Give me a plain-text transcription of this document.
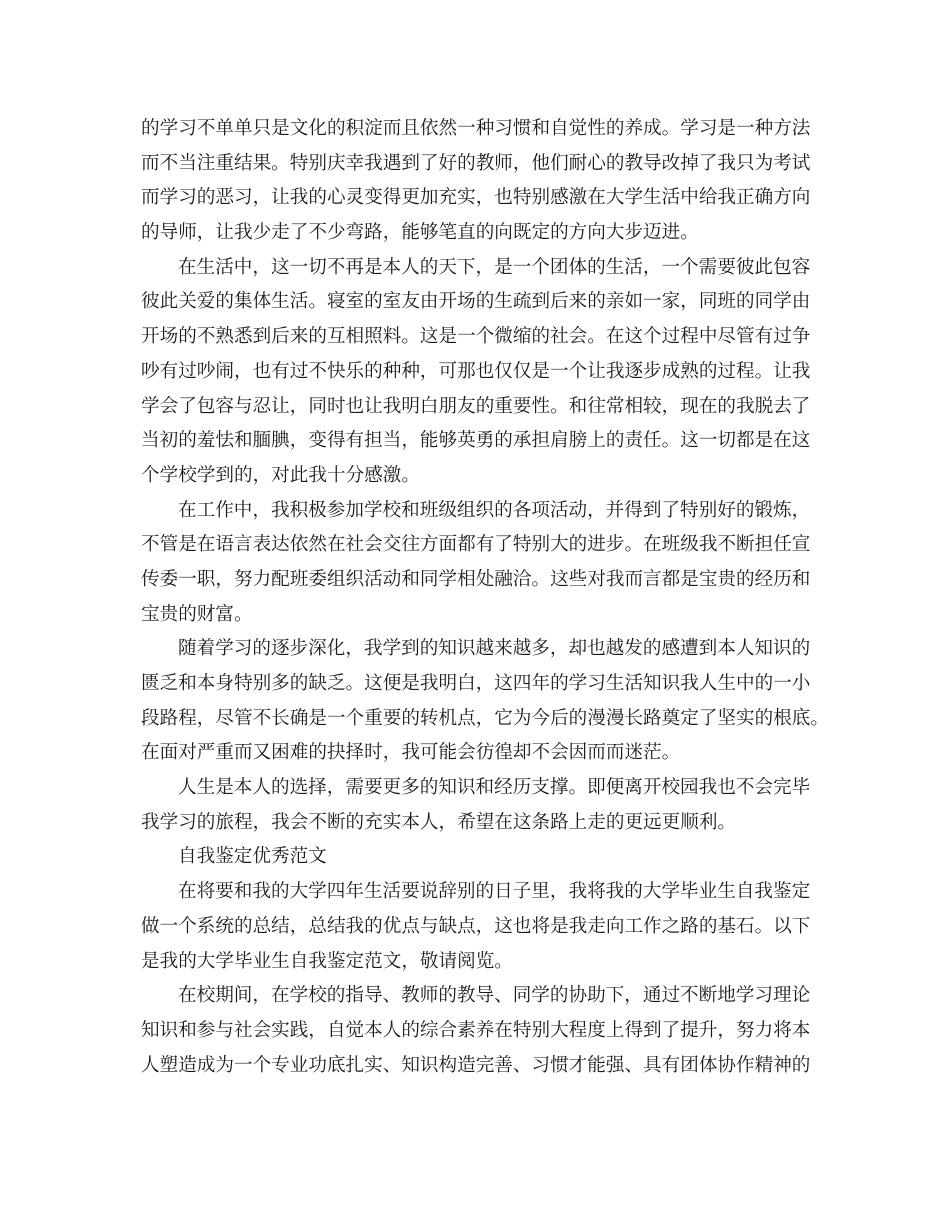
的学习不单单只是文化的积淀而且依然一种习惯和自觉性的养成。学习是一种方法
而不当注重结果。特别庆幸我遇到了好的教师，他们耐心的教导改掉了我只为考试
而学习的恶习，让我的心灵变得更加充实，也特别感激在大学生活中给我正确方向
的导师，让我少走了不少弯路，能够笔直的向既定的方向大步迈进。

在生活中，这一切不再是本人的天下，是一个团体的生活，一个需要彼此包容
彼此关爱的集体生活。寝室的室友由开场的生疏到后来的亲如一家，同班的同学由
开场的不熟悉到后来的互相照料。这是一个微缩的社会。在这个过程中尽管有过争
吵有过吵闹，也有过不快乐的种种，可那也仅仅是一个让我逐步成熟的过程。让我
学会了包容与忍让，同时也让我明白朋友的重要性。和往常相较，现在的我脱去了
当初的羞怯和腼腆，变得有担当，能够英勇的承担肩膀上的责任。这一切都是在这
个学校学到的，对此我十分感激。

在工作中，我积极参加学校和班级组织的各项活动，并得到了特别好的锻炼，
不管是在语言表达依然在社会交往方面都有了特别大的进步。在班级我不断担任宣
传委一职，努力配班委组织活动和同学相处融洽。这些对我而言都是宝贵的经历和
宝贵的财富。

随着学习的逐步深化，我学到的知识越来越多，却也越发的感遭到本人知识的
匮乏和本身特别多的缺乏。这便是我明白，这四年的学习生活知识我人生中的一小
段路程，尽管不长确是一个重要的转机点，它为今后的漫漫长路奠定了坚实的根底。
在面对严重而又困难的抉择时，我可能会彷徨却不会因而而迷茫。

人生是本人的选择，需要更多的知识和经历支撑。即便离开校园我也不会完毕
我学习的旅程，我会不断的充实本人，希望在这条路上走的更远更顺利。

自我鉴定优秀范文

在将要和我的大学四年生活要说辞别的日子里，我将我的大学毕业生自我鉴定
做一个系统的总结，总结我的优点与缺点，这也将是我走向工作之路的基石。以下
是我的大学毕业生自我鉴定范文，敬请阅览。

在校期间，在学校的指导、教师的教导、同学的协助下，通过不断地学习理论
知识和参与社会实践，自觉本人的综合素养在特别大程度上得到了提升，努力将本
人塑造成为一个专业功底扎实、知识构造完善、习惯才能强、具有团体协作精神的
